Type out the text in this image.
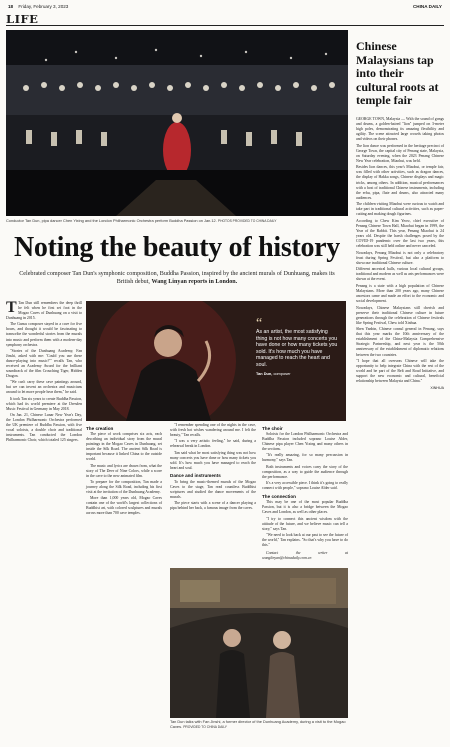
18 Friday, February 3, 2023	CHINA DAILY
LIFE
Conductor Tan Dun, pipa dancer Chen Yixing and the London Philharmonic Orchestra perform Buddha Passion on Jan.12. PHOTOS PROVIDED TO CHINA DAILY
Noting the beauty of history
Celebrated composer Tan Dun's symphonic composition, Buddha Passion, inspired by the ancient murals of Dunhuang, makes its British debut, Wang Linyan reports in London.

T Tan Dun still remembers the deep thrill he felt when he first set foot in the Mogao Caves of Dunhuang on a visit to Dunhuang in 2015.

The Gansu composer stayed in a cave for five hours, and thought it would be fascinating to transcribe the wonderful stories from the murals into music and perform them with a modern-day symphony orchestra.

"Stories of the Dunhuang Academy, Fan Jinshi, asked with me: 'Could you use these dance-playing into music?'" recalls Tan, who received an Academy Award for the brilliant soundtrack of the film Crouching Tiger, Hidden Dragon.

"We can't carry these cave paintings around, but we can invent an orchestra and musicians around to let more people hear them," he said.

It took Tan six years to create Buddha Passion, which had its world premiere at the Dresden Music Festival in Germany in May 2018.

On Jan. 21, Chinese Lunar New Year's Day, the London Philharmonic Orchestra performed the UK premiere of Buddha Passion, with five vocal soloists, a double choir and traditional instruments. Tan conducted the London Philharmonic Choir, which totaled 125 singers.

“
As an artist, the most satisfying thing is not how many concerts you have done or how many tickets you sold. It's how much you have managed to reach the heart and soul.
Tan Dun, composer
The creation

The piece of work comprises six acts, each describing an individual story from the mural paintings in the Mogao Caves in Dunhuang, set inside the Silk Road. The ancient Silk Road is important because it linked China to the outside world.

The music and lyrics are drawn from, what the story of The Deer of Nine Colors, while a score in the cave to the new animated film.

To prepare for the composition, Tan made a journey along the Silk Road, including his first visit at the invitation of the Dunhuang Academy.

More than 1,000 years old, Mogao Caves contain one of the world's largest collections of Buddhist art, with colored sculptures and murals across more than 700 cave temples.

"I remember spending one of the nights in the cave, with fresh hot wishes wandering around me. I felt the beauty," Tan recalls.

"I was a very artistic feeling," he said, during a rehearsal break in London.

Tan said what he most satisfying thing was not how many concerts you have done or how many tickets you sold. It's how much you have managed to reach the heart and soul.

Dance and instruments

To bring the music-themed murals of the Mogao Caves to the stage, Tan read countless Buddhist scriptures and studied the dance movements of the murals.

The piece starts with a scene of a dancer playing a pipa behind her back, a famous image from the caves.

The choir

Soloists for the London Philharmonic Orchestra and Buddha Passion included soprano Louise Alder, Chinese pipa player Chen Yixing and many others in the sections.

"It's really amazing, for so many percussion in harmony," says Tan.

Both instruments and voices carry the story of the composition, as a way to guide the audience through the performance.

It's a very accessible piece. I think it's going to really connect with people," soprano Louise Alder said.

The connection

This may be one of the most popular Buddha Passion, but it is also a bridge between the Mogao Caves and London, as well as other places.

"I try to connect this ancient wisdom with the attitude of the future, and we believe music can tell a story," says Tan.

"We need to look back at our past to see the future of the world," Tan explains. "So that's why you have to do this."

Contact the writer at wanglinyan@chinadaily.com.cn

Tan Dun talks with Fan Jinshi, a former director of the Dunhuang Academy, during a visit to the Mogao Caves. PROVIDED TO CHINA DAILY
Chinese Malaysians tap into their cultural roots at temple fair

GEORGE TOWN, Malaysia — With the sound of gongs and drums, a golden-haired "lion" jumped on 3-meter high poles, demonstrating its amazing flexibility and agility. The scene attracted large crowds taking photos and videos on their phones.

The lion dance was performed in the heritage precinct of George Town, the capital city of Penang state, Malaysia, on Saturday evening, when the 2023 Penang Chinese New Year celebration, Miaohui, was held.

Besides lion dances, this year's Miaohui, or temple fair, was filled with other activities, such as dragon dances, the display of Hakka songs, Chinese displays and magic tricks, among others. In addition, musical performances with a host of traditional Chinese instruments, including the erhu, pipa, flute and drums, also attracted many audiences.

The children visiting Miaohui were curious to watch and take part in traditional cultural activities, such as paper-cutting and making dough figurines.

According to Chew Kim Yeow, chief executive of Penang Chinese Town Hall, Miaohui began in 1999, the Year of the Rabbit. This year, Penang Miaohui is 24 years old. Despite the harsh challenges posed by the COVID-19 pandemic over the last two years, this celebration was still held online and never canceled.

Nowadays, Penang Miaohui is not only a celebratory feast during Spring Festival, but also a platform to showcase traditional Chinese culture.

Different ancestral halls, various local cultural groups, traditional and modern as well as arts performances were shown at the event.

Penang is a state with a high population of Chinese Malaysians. More than 200 years ago, many Chinese ancestors came and made an effort to the economic and social development.

Nowadays, Chinese Malaysians still cherish and preserve their traditional Chinese culture in future generations through the celebration of Chinese festivals like Spring Festival, Chew told Xinhua.

Shen Yanbin, Chinese consul general in Penang, says that this year marks the 10th anniversary of the establishment of the China-Malaysia Comprehensive Strategic Partnership, and next year is the 50th anniversary of the establishment of diplomatic relations between the two countries.

"I hope that all overseas Chinese will take the opportunity to help integrate China with the rest of the world and be part of the Belt and Road Initiative, and support the new economic and cultural, beneficial relationship between Malaysia and China."

XINHUA
